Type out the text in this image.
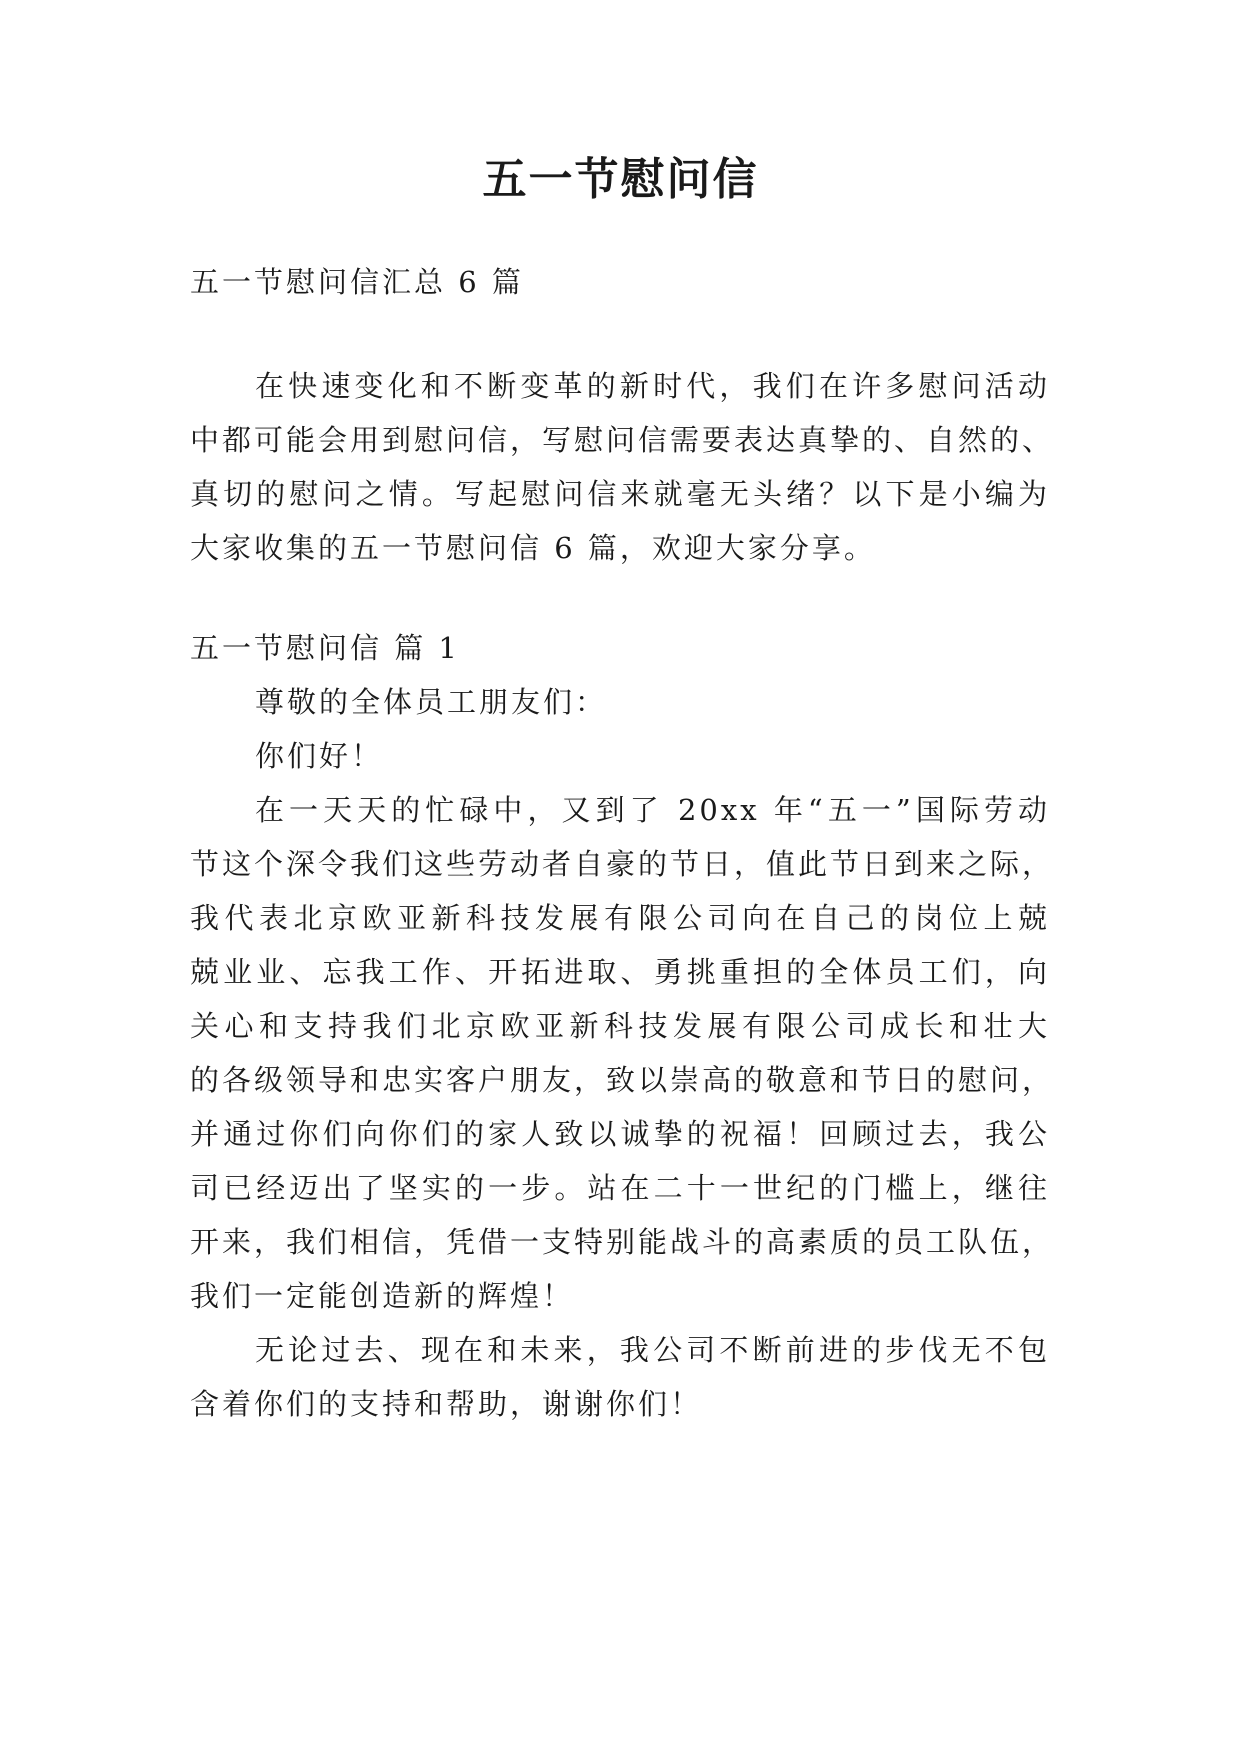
五一节慰问信
五一节慰问信汇总 6 篇
在快速变化和不断变革的新时代，我们在许多慰问活动
中都可能会用到慰问信，写慰问信需要表达真挚的、自然的、
真切的慰问之情。写起慰问信来就毫无头绪？以下是小编为
大家收集的五一节慰问信 6 篇，欢迎大家分享。
五一节慰问信 篇 1
尊敬的全体员工朋友们：
你们好！
在一天天的忙碌中，又到了 20xx 年“五一”国际劳动
节这个深令我们这些劳动者自豪的节日，值此节日到来之际，
我代表北京欧亚新科技发展有限公司向在自己的岗位上兢
兢业业、忘我工作、开拓进取、勇挑重担的全体员工们，向
关心和支持我们北京欧亚新科技发展有限公司成长和壮大
的各级领导和忠实客户朋友，致以崇高的敬意和节日的慰问，
并通过你们向你们的家人致以诚挚的祝福！回顾过去，我公
司已经迈出了坚实的一步。站在二十一世纪的门槛上，继往
开来，我们相信，凭借一支特别能战斗的高素质的员工队伍，
我们一定能创造新的辉煌！
无论过去、现在和未来，我公司不断前进的步伐无不包
含着你们的支持和帮助，谢谢你们！
